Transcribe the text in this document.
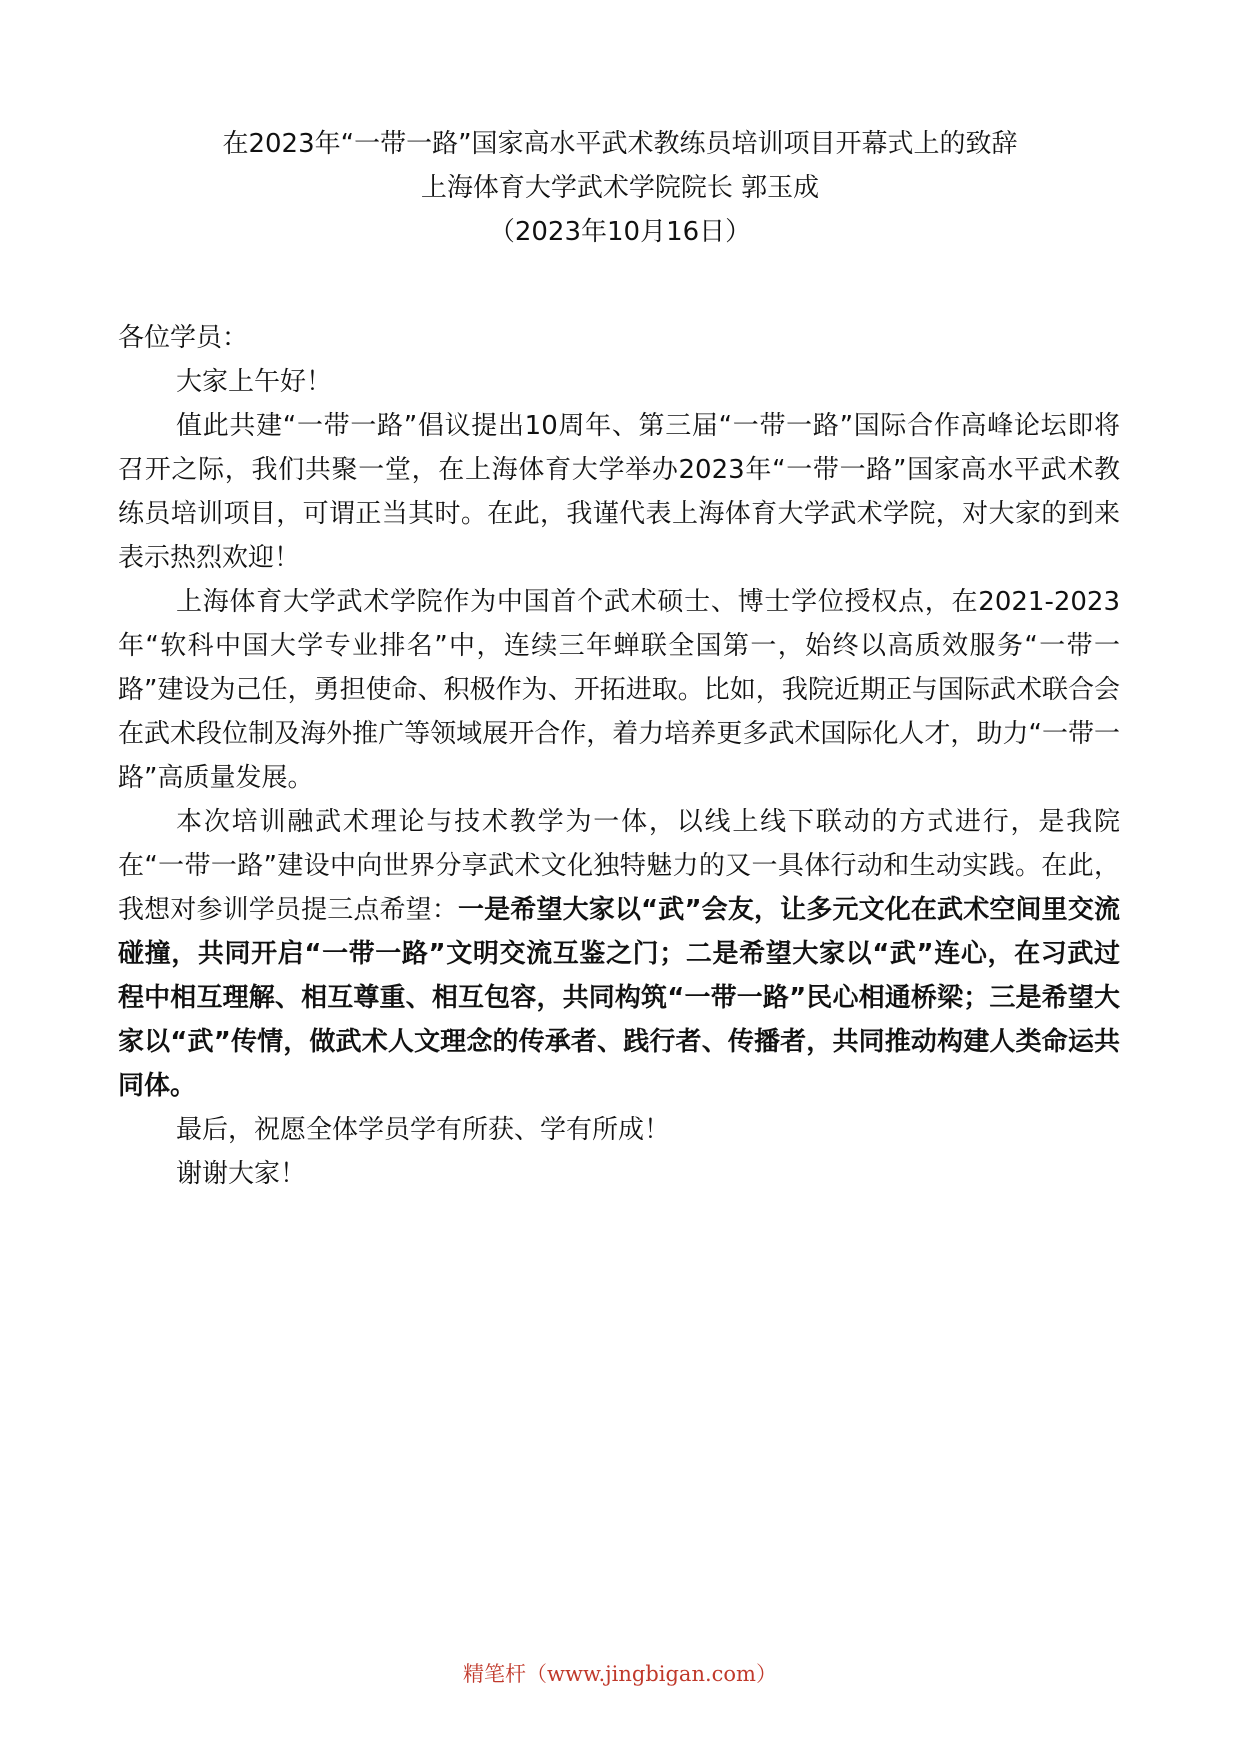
在2023年“一带一路”国家高水平武术教练员培训项目开幕式上的致辞
上海体育大学武术学院院长 郭玉成
（2023年10月16日）

各位学员：

大家上午好！

值此共建“一带一路”倡议提出10周年、第三届“一带一路”国际合作高峰论坛即将召开之际，我们共聚一堂，在上海体育大学举办2023年“一带一路”国家高水平武术教练员培训项目，可谓正当其时。在此，我谨代表上海体育大学武术学院，对大家的到来表示热烈欢迎！

上海体育大学武术学院作为中国首个武术硕士、博士学位授权点，在2021-2023年“软科中国大学专业排名”中，连续三年蝉联全国第一，始终以高质效服务“一带一路”建设为己任，勇担使命、积极作为、开拓进取。比如，我院近期正与国际武术联合会在武术段位制及海外推广等领域展开合作，着力培养更多武术国际化人才，助力“一带一路”高质量发展。

本次培训融武术理论与技术教学为一体，以线上线下联动的方式进行，是我院在“一带一路”建设中向世界分享武术文化独特魅力的又一具体行动和生动实践。在此，我想对参训学员提三点希望：一是希望大家以“武”会友，让多元文化在武术空间里交流碰撞，共同开启“一带一路”文明交流互鉴之门；二是希望大家以“武”连心，在习武过程中相互理解、相互尊重、相互包容，共同构筑“一带一路”民心相通桥梁；三是希望大家以“武”传情，做武术人文理念的传承者、践行者、传播者，共同推动构建人类命运共同体。

最后，祝愿全体学员学有所获、学有所成！

谢谢大家！

精笔杆（www.jingbigan.com）
